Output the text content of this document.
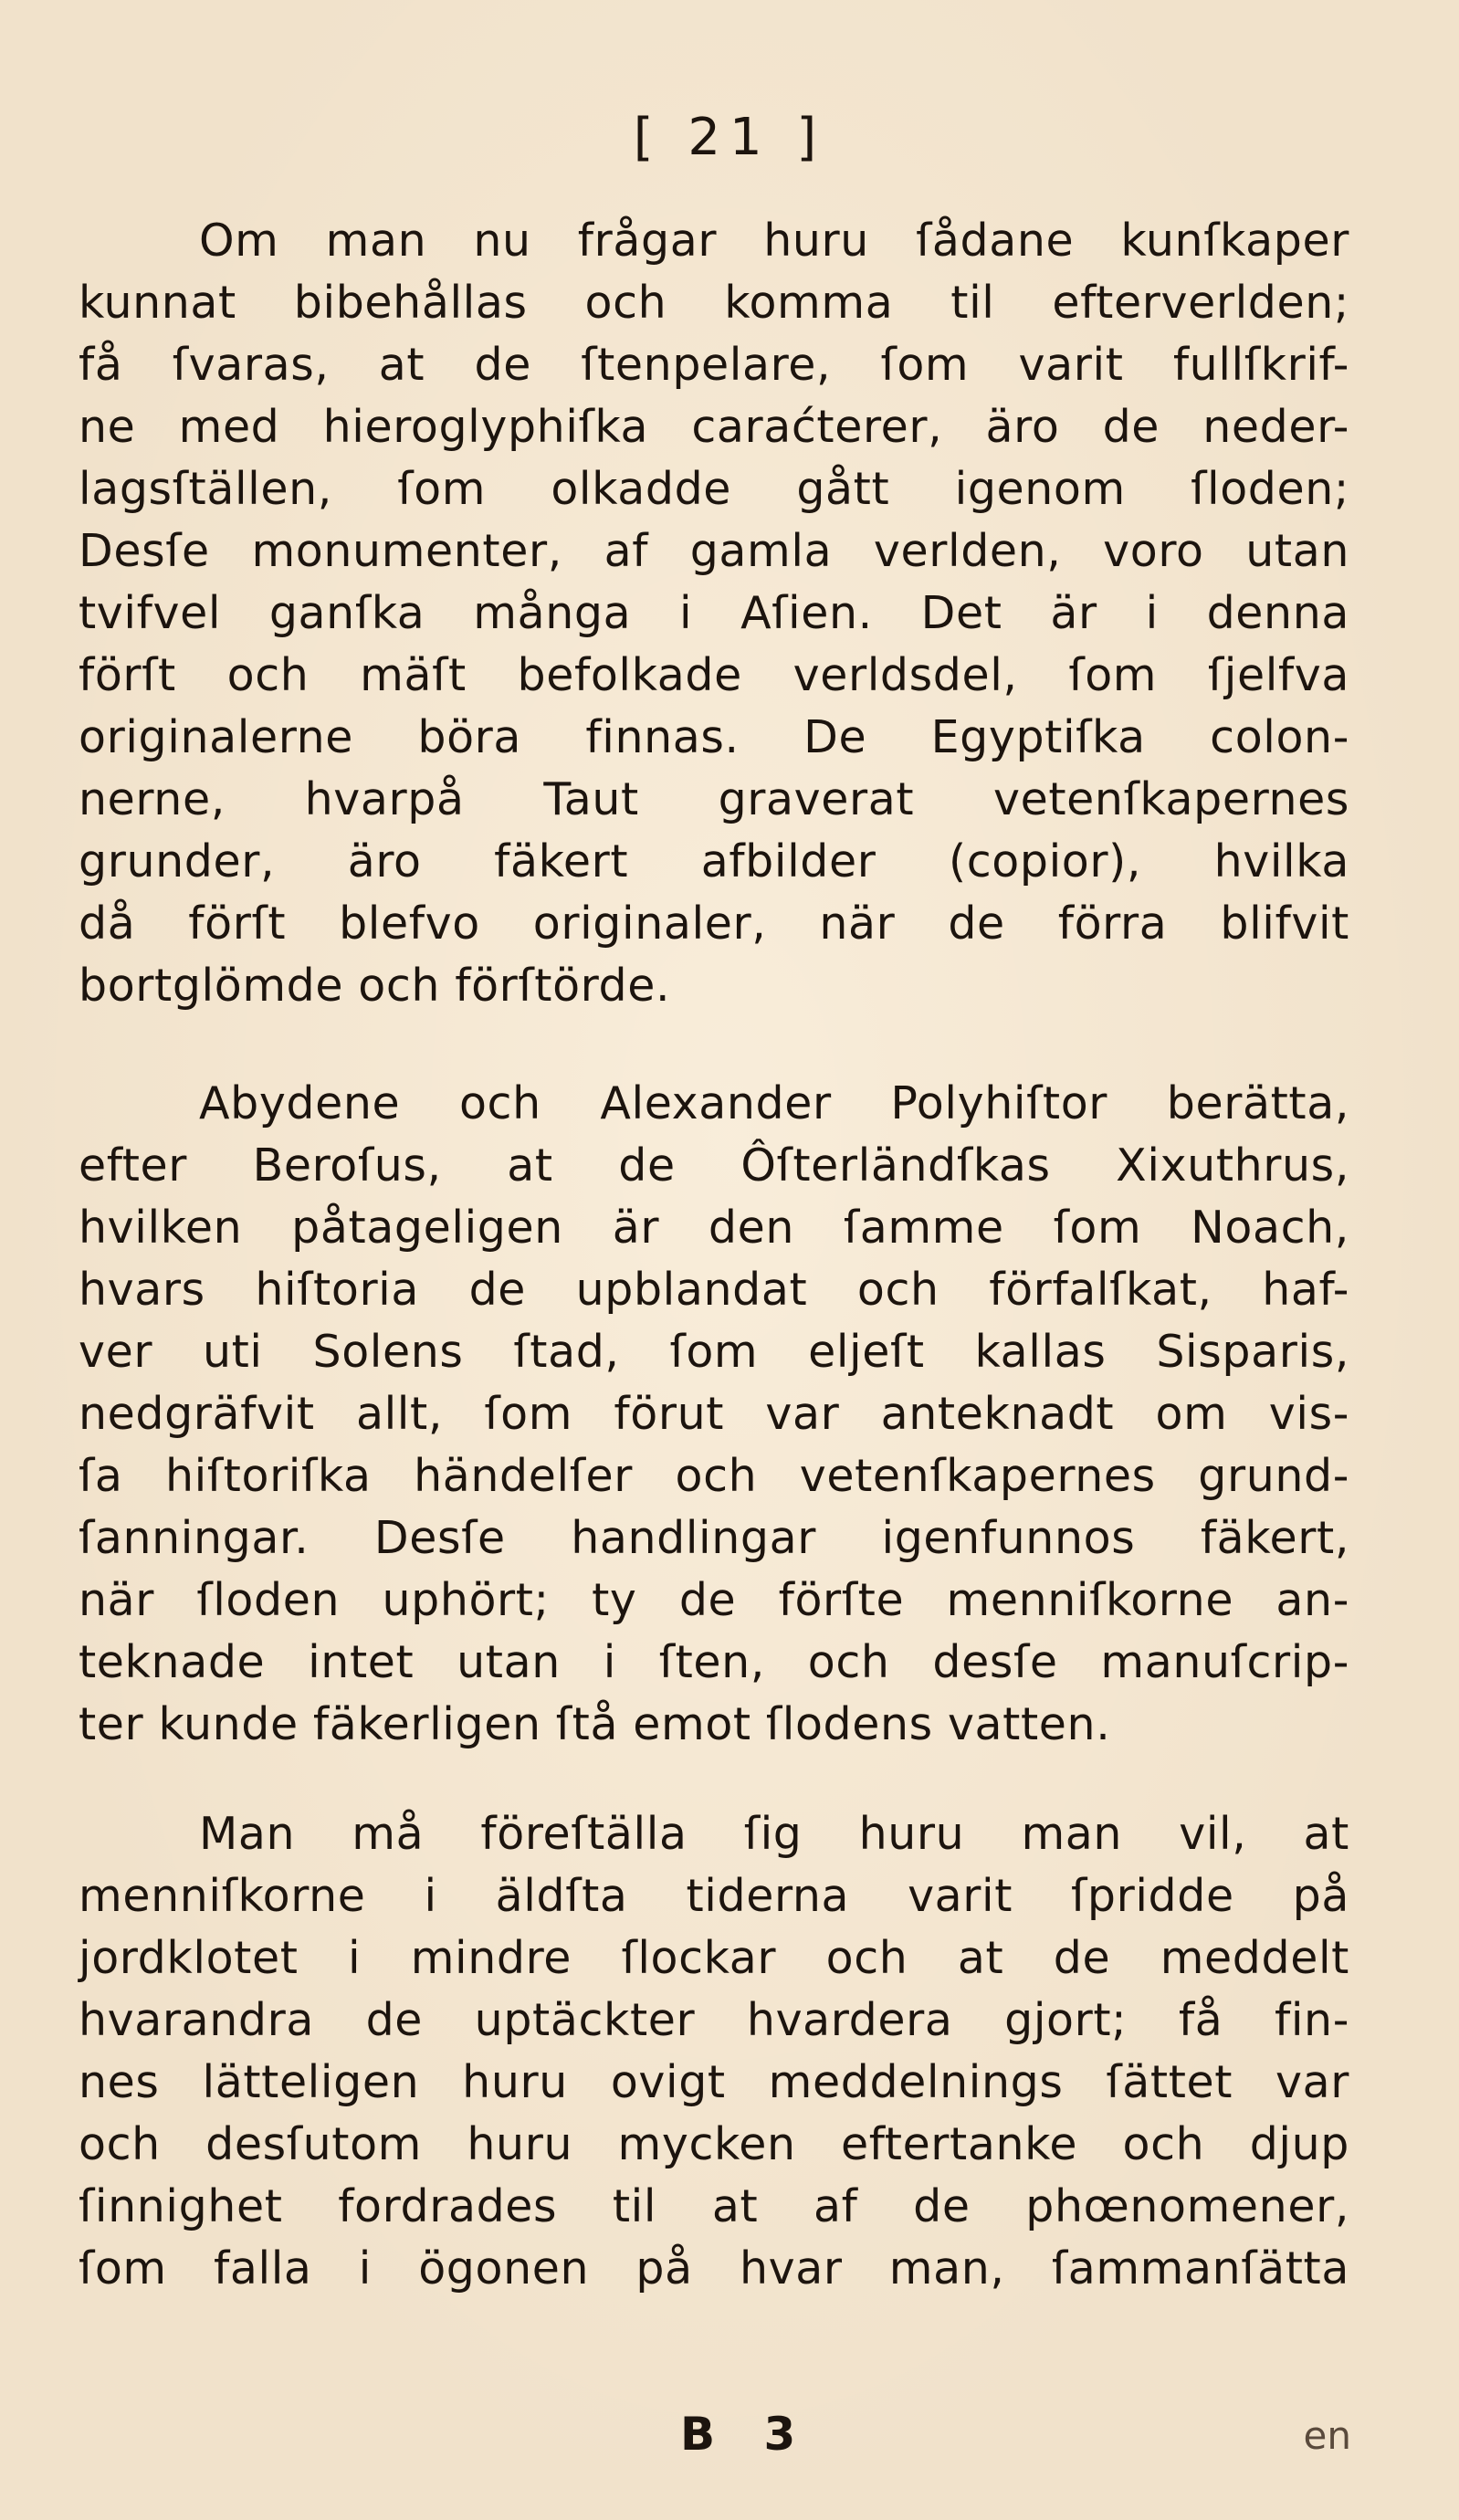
[ 21 ]
Om man nu frågar huru ſådane kunſkaper
kunnat bibehållas och komma til efterverlden;
få ſvaras, at de ſtenpelare, ſom varit fullſkrif-
ne med hieroglyphiſka caraćterer, äro de neder-
lagsſtällen, ſom olkadde gått igenom ſloden;
Desſe monumenter, af gamla verlden, voro utan
tvifvel ganſka många i Aſien. Det är i denna
förſt och mäſt befolkade verldsdel, ſom ſjelfva
originalerne böra finnas. De Egyptiſka colon-
nerne, hvarpå Taut graverat vetenſkapernes
grunder, äro fäkert afbilder (copior), hvilka
då förſt blefvo originaler, när de förra blifvit
bortglömde och förſtörde.
Abydene och Alexander Polyhiſtor berätta,
efter Beroſus, at de Ôſterländſkas Xixuthrus,
hvilken påtageligen är den ſamme ſom Noach,
hvars hiſtoria de upblandat och förfalſkat, haf-
ver uti Solens ſtad, ſom eljeſt kallas Sisparis,
nedgräfvit allt, ſom förut var anteknadt om vis-
ſa hiſtoriſka händelſer och vetenſkapernes grund-
ſanningar. Desſe handlingar igenfunnos fäkert,
när ſloden uphört; ty de förſte menniſkorne an-
teknade intet utan i ſten, och desſe manuſcrip-
ter kunde fäkerligen ſtå emot ſlodens vatten.
Man må föreſtälla ſig huru man vil, at
menniſkorne i äldſta tiderna varit ſpridde på
jordklotet i mindre ſlockar och at de meddelt
hvarandra de uptäckter hvardera gjort; få fin-
nes lätteligen huru ovigt meddelnings ſättet var
och desſutom huru mycken eftertanke och djup
ſinnighet fordrades til at af de phœnomener,
ſom falla i ögonen på hvar man, ſammanſätta
B 3	en
